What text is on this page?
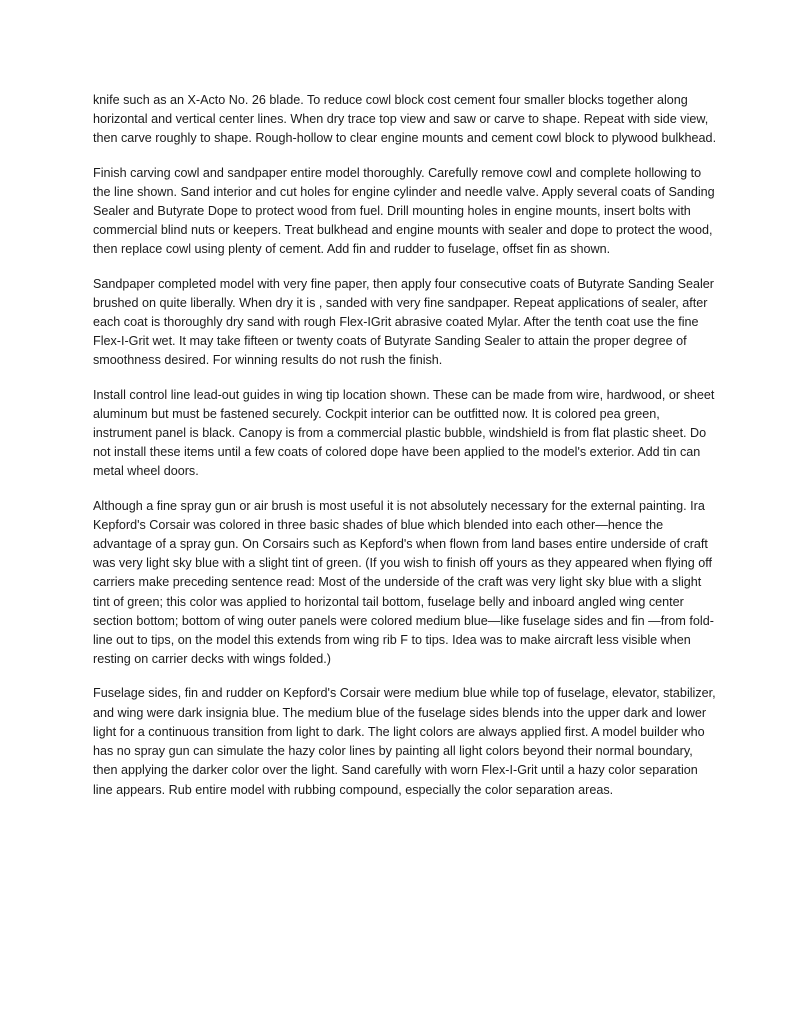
knife such as an X-Acto No. 26 blade. To reduce cowl block cost cement four smaller blocks together along horizontal and vertical center lines. When dry trace top view and saw or carve to shape. Repeat with side view, then carve roughly to shape. Rough-hollow to clear engine mounts and cement cowl block to plywood bulkhead.

Finish carving cowl and sandpaper entire model thoroughly. Carefully remove cowl and complete hollowing to the line shown. Sand interior and cut holes for engine cylinder and needle valve. Apply several coats of Sanding Sealer and Butyrate Dope to protect wood from fuel. Drill mounting holes in engine mounts, insert bolts with commercial blind nuts or keepers. Treat bulkhead and engine mounts with sealer and dope to protect the wood, then replace cowl using plenty of cement. Add fin and rudder to fuselage, offset fin as shown.

Sandpaper completed model with very fine paper, then apply four consecutive coats of Butyrate Sanding Sealer brushed on quite liberally. When dry it is , sanded with very fine sandpaper. Repeat applications of sealer, after each coat is thoroughly dry sand with rough Flex-IGrit abrasive coated Mylar. After the tenth coat use the fine Flex-I-Grit wet. It may take fifteen or twenty coats of Butyrate Sanding Sealer to attain the proper degree of smoothness desired. For winning results do not rush the finish.

Install control line lead-out guides in wing tip location shown. These can be made from wire, hardwood, or sheet aluminum but must be fastened securely. Cockpit interior can be outfitted now. It is colored pea green, instrument panel is black. Canopy is from a commercial plastic bubble, windshield is from flat plastic sheet. Do not install these items until a few coats of colored dope have been applied to the model's exterior. Add tin can metal wheel doors.

Although a fine spray gun or air brush is most useful it is not absolutely necessary for the external painting. Ira Kepford's Corsair was colored in three basic shades of blue which blended into each other—hence the advantage of a spray gun. On Corsairs such as Kepford's when flown from land bases entire underside of craft was very light sky blue with a slight tint of green. (If you wish to finish off yours as they appeared when flying off carriers make preceding sentence read: Most of the underside of the craft was very light sky blue with a slight tint of green; this color was applied to horizontal tail bottom, fuselage belly and inboard angled wing center section bottom; bottom of wing outer panels were colored medium blue—like fuselage sides and fin —from fold-line out to tips, on the model this extends from wing rib F to tips. Idea was to make aircraft less visible when resting on carrier decks with wings folded.)

Fuselage sides, fin and rudder on Kepford's Corsair were medium blue while top of fuselage, elevator, stabilizer, and wing were dark insignia blue. The medium blue of the fuselage sides blends into the upper dark and lower light for a continuous transition from light to dark. The light colors are always applied first. A model builder who has no spray gun can simulate the hazy color lines by painting all light colors beyond their normal boundary, then applying the darker color over the light. Sand carefully with worn Flex-I-Grit until a hazy color separation line appears. Rub entire model with rubbing compound, especially the color separation areas.
